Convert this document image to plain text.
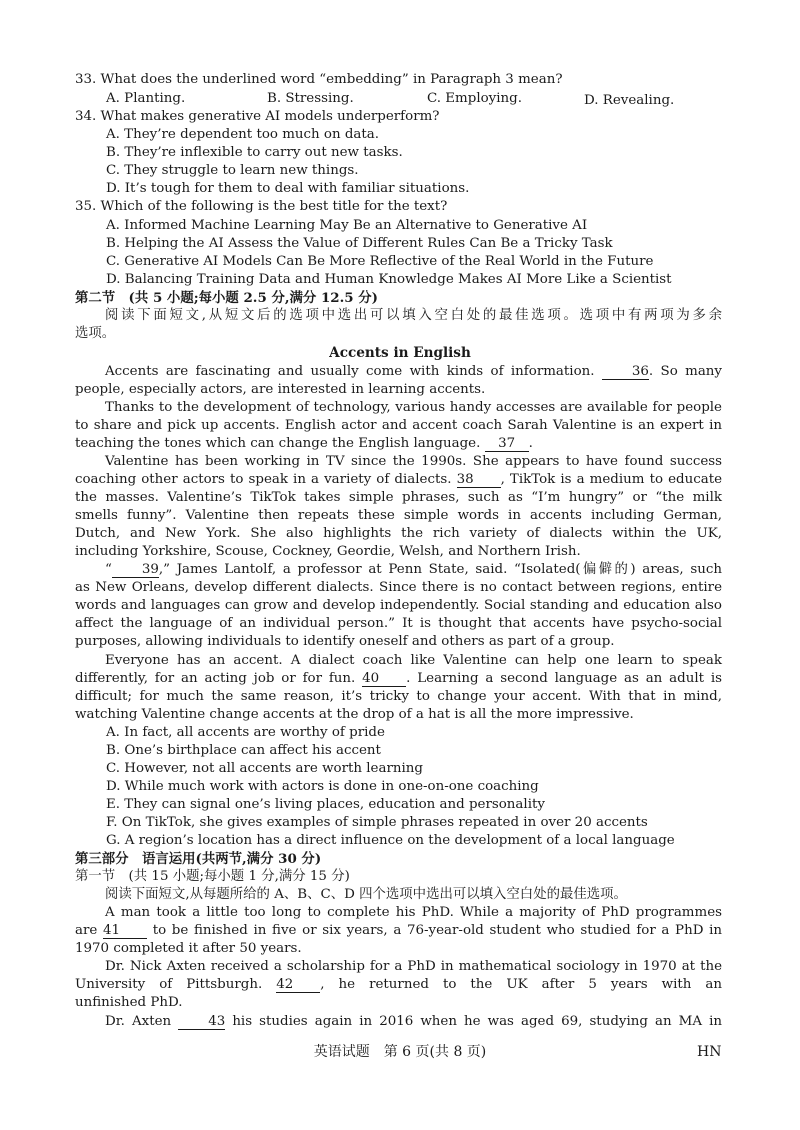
33. What does the underlined word “embedding” in Paragraph 3 mean?
A. Planting.	B. Stressing.	C. Employing.	D. Revealing.
34. What makes generative AI models underperform?
A. They’re dependent too much on data.
B. They’re inflexible to carry out new tasks.
C. They struggle to learn new things.
D. It’s tough for them to deal with familiar situations.
35. Which of the following is the best title for the text?
A. Informed Machine Learning May Be an Alternative to Generative AI
B. Helping the AI Assess the Value of Different Rules Can Be a Tricky Task
C. Generative AI Models Can Be More Reflective of the Real World in the Future
D. Balancing Training Data and Human Knowledge Makes AI More Like a Scientist
第二节　(共 5 小题;每小题 2.5 分,满分 12.5 分)
阅读下面短文,从短文后的选项中选出可以填入空白处的最佳选项。选项中有两项为多余
选项。
Accents in English
Accents are fascinating and usually come with kinds of information.	36. So many
people, especially actors, are interested in learning accents.
Thanks to the development of technology, various handy accesses are available for people
to share and pick up accents. English actor and accent coach Sarah Valentine is an expert in
teaching the tones which can change the English language. 37 .
Valentine has been working in TV since the 1990s. She appears to have found success
coaching other actors to speak in a variety of dialects. 38 , TikTok is a medium to educate
the masses. Valentine’s TikTok takes simple phrases, such as “I’m hungry” or “the milk
smells funny”. Valentine then repeats these simple words in accents including German,
Dutch, and New York. She also highlights the rich variety of dialects within the UK,
including Yorkshire, Scouse, Cockney, Geordie, Welsh, and Northern Irish.
“ 39,” James Lantolf, a professor at Penn State, said. “Isolated(偏僻的) areas, such
as New Orleans, develop different dialects. Since there is no contact between regions, entire
words and languages can grow and develop independently. Social standing and education also
affect the language of an individual person.” It is thought that accents have psycho-social
purposes, allowing individuals to identify oneself and others as part of a group.
Everyone has an accent. A dialect coach like Valentine can help one learn to speak
differently, for an acting job or for fun. 40 . Learning a second language as an adult is
difficult; for much the same reason, it’s tricky to change your accent. With that in mind,
watching Valentine change accents at the drop of a hat is all the more impressive.
A. In fact, all accents are worthy of pride
B. One’s birthplace can affect his accent
C. However, not all accents are worth learning
D. While much work with actors is done in one-on-one coaching
E. They can signal one’s living places, education and personality
F. On TikTok, she gives examples of simple phrases repeated in over 20 accents
G. A region’s location has a direct influence on the development of a local language
第三部分　语言运用(共两节,满分 30 分)
第一节　(共 15 小题;每小题 1 分,满分 15 分)
阅读下面短文,从每题所给的 A、B、C、D 四个选项中选出可以填入空白处的最佳选项。
A man took a little too long to complete his PhD. While a majority of PhD programmes
are 41 to be finished in five or six years, a 76-year-old student who studied for a PhD in
1970 completed it after 50 years.
Dr. Nick Axten received a scholarship for a PhD in mathematical sociology in 1970 at the
University of Pittsburgh. 42 , he returned to the UK after 5 years with an
unfinished PhD.
Dr. Axten	43 his studies again in 2016 when he was aged 69, studying an MA in
英语试题　第 6 页(共 8 页)	HN
